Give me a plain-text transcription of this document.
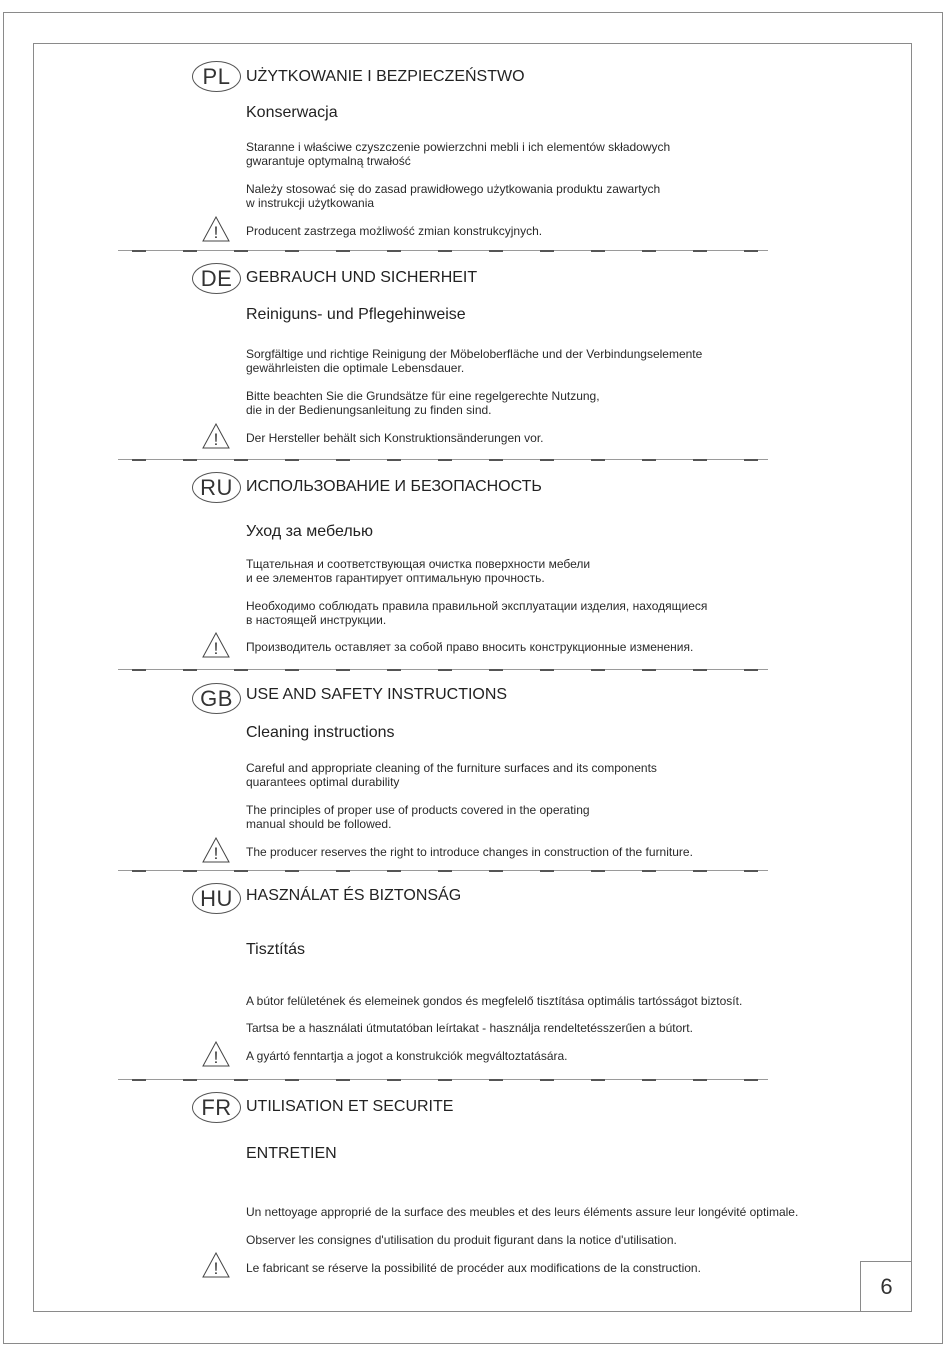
PL UŻYTKOWANIE I BEZPIECZEŃSTWO
Konserwacja
Staranne i właściwe czyszczenie powierzchni mebli i ich elementów składowych
gwarantuje optymalną trwałość
Należy stosować się do zasad prawidłowego użytkowania produktu zawartych
w instrukcji użytkowania
! Producent zastrzega możliwość zmian konstrukcyjnych.
DE GEBRAUCH UND SICHERHEIT
Reiniguns- und Pflegehinweise
Sorgfältige und richtige Reinigung der Möbeloberfläche und der Verbindungselemente
gewährleisten die optimale Lebensdauer.
Bitte beachten Sie die Grundsätze für eine regelgerechte Nutzung,
die in der Bedienungsanleitung zu finden sind.
! Der Hersteller behält sich Konstruktionsänderungen vor.
RU ИСПОЛЬЗОВАНИЕ И БЕЗОПАСНОСТЬ
Уход за мебелью
Тщательная и соответствующая очистка поверхности мебели
и ее элементов гарантирует оптимальную прочность.
Необходимо соблюдать правила правильной эксплуатации изделия, находящиеся
в настоящей инструкции.
! Производитель оставляет за собой право вносить конструкционные изменения.
GB USE AND SAFETY INSTRUCTIONS
Cleaning instructions
Careful and appropriate cleaning of the furniture surfaces and its components
quarantees optimal durability
The principles of proper use of products covered in the operating
manual should be followed.
! The producer reserves the right to introduce changes in construction of the furniture.
HU HASZNÁLAT ÉS BIZTONSÁG
Tisztítás
A bútor felületének és elemeinek gondos és megfelelő tisztítása optimális tartósságot biztosít.
Tartsa be a használati útmutatóban leírtakat - használja rendeltetésszerűen a bútort.
! A gyártó fenntartja a jogot a konstrukciók megváltoztatására.
FR UTILISATION ET SECURITE
ENTRETIEN
Un nettoyage approprié de la surface des meubles et des leurs éléments assure leur longévité optimale.
Observer les consignes d'utilisation du produit figurant dans la notice d'utilisation.
! Le fabricant se réserve la possibilité de procéder aux modifications de la construction.
6
